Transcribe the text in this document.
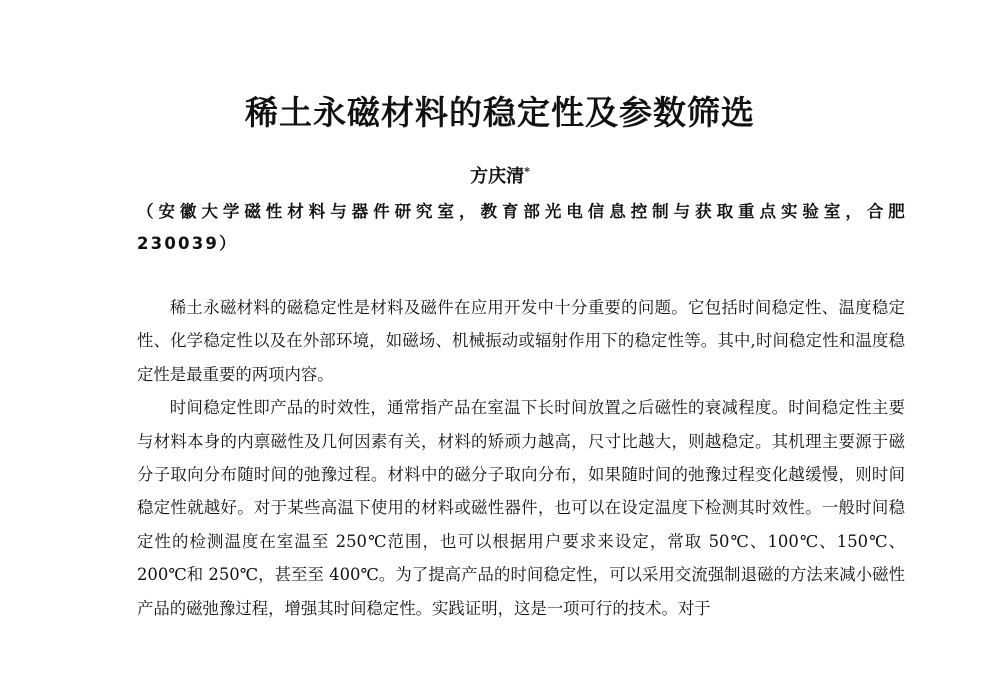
稀土永磁材料的稳定性及参数筛选
方庆清*
（安徽大学磁性材料与器件研究室，教育部光电信息控制与获取重点实验室，合肥 230039）

稀土永磁材料的磁稳定性是材料及磁件在应用开发中十分重要的问题。它包括时间稳定性、温度稳定性、化学稳定性以及在外部环境，如磁场、机械振动或辐射作用下的稳定性等。其中,时间稳定性和温度稳定性是最重要的两项内容。

时间稳定性即产品的时效性，通常指产品在室温下长时间放置之后磁性的衰减程度。时间稳定性主要与材料本身的内禀磁性及几何因素有关，材料的矫顽力越高，尺寸比越大，则越稳定。其机理主要源于磁分子取向分布随时间的弛豫过程。材料中的磁分子取向分布，如果随时间的弛豫过程变化越缓慢，则时间稳定性就越好。对于某些高温下使用的材料或磁性器件，也可以在设定温度下检测其时效性。一般时间稳定性的检测温度在室温至 250℃范围，也可以根据用户要求来设定，常取 50℃、100℃、150℃、200℃和 250℃，甚至至 400℃。为了提高产品的时间稳定性，可以采用交流强制退磁的方法来减小磁性产品的磁弛豫过程，增强其时间稳定性。实践证明，这是一项可行的技术。对于
